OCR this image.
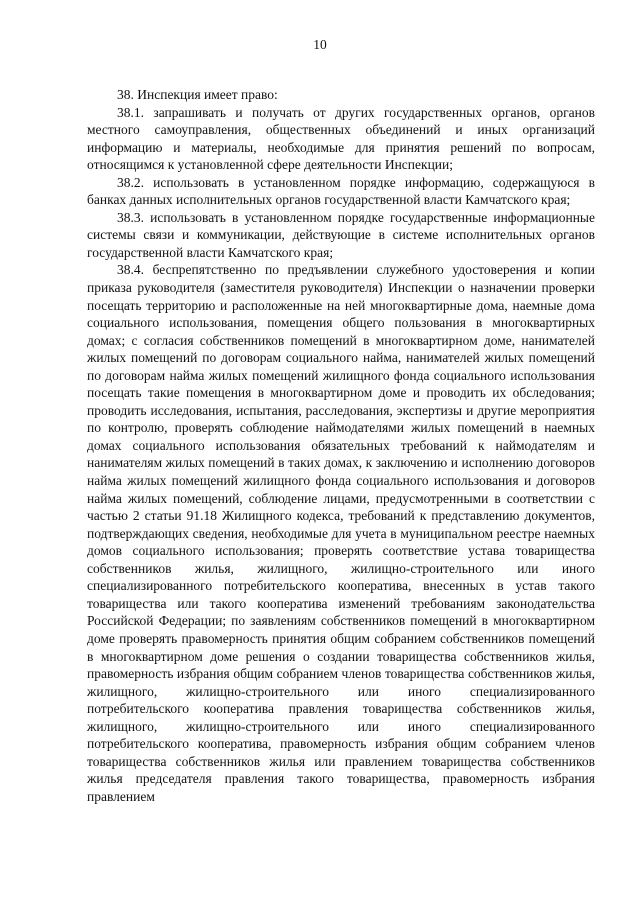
10

38. Инспекция имеет право:

38.1. запрашивать и получать от других государственных органов, органов местного самоуправления, общественных объединений и иных организаций информацию и материалы, необходимые для принятия решений по вопросам, относящимся к установленной сфере деятельности Инспекции;

38.2. использовать в установленном порядке информацию, содержащуюся в банках данных исполнительных органов государственной власти Камчатского края;

38.3. использовать в установленном порядке государственные информационные системы связи и коммуникации, действующие в системе исполнительных органов государственной власти Камчатского края;

38.4. беспрепятственно по предъявлении служебного удостоверения и копии приказа руководителя (заместителя руководителя) Инспекции о назначении проверки посещать территорию и расположенные на ней многоквартирные дома, наемные дома социального использования, помещения общего пользования в многоквартирных домах; с согласия собственников помещений в многоквартирном доме, нанимателей жилых помещений по договорам социального найма, нанимателей жилых помещений по договорам найма жилых помещений жилищного фонда социального использования посещать такие помещения в многоквартирном доме и проводить их обследования; проводить исследования, испытания, расследования, экспертизы и другие мероприятия по контролю, проверять соблюдение наймодателями жилых помещений в наемных домах социального использования обязательных требований к наймодателям и нанимателям жилых помещений в таких домах, к заключению и исполнению договоров найма жилых помещений жилищного фонда социального использования и договоров найма жилых помещений, соблюдение лицами, предусмотренными в соответствии с частью 2 статьи 91.18 Жилищного кодекса, требований к представлению документов, подтверждающих сведения, необходимые для учета в муниципальном реестре наемных домов социального использования; проверять соответствие устава товарищества собственников жилья, жилищного, жилищно-строительного или иного специализированного потребительского кооператива, внесенных в устав такого товарищества или такого кооператива изменений требованиям законодательства Российской Федерации; по заявлениям собственников помещений в многоквартирном доме проверять правомерность принятия общим собранием собственников помещений в многоквартирном доме решения о создании товарищества собственников жилья, правомерность избрания общим собранием членов товарищества собственников жилья, жилищного, жилищно-строительного или иного специализированного потребительского кооператива правления товарищества собственников жилья, жилищного, жилищно-строительного или иного специализированного потребительского кооператива, правомерность избрания общим собранием членов товарищества собственников жилья или правлением товарищества собственников жилья председателя правления такого товарищества, правомерность избрания правлением
